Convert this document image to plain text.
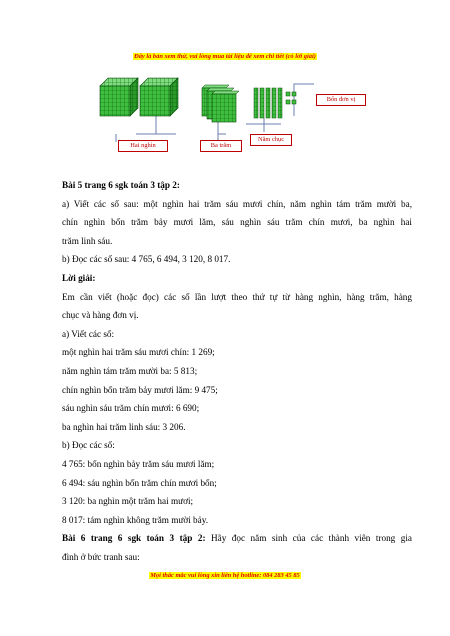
Đây là bản xem thử, vui lòng mua tài liệu để xem chi tiết (có lời giải)
Hai nghìn	Ba trăm
Năm chục
Bốn đơn vị
Bài 5 trang 6 sgk toán 3 tập 2:
a) Viết các số sau: một nghìn hai trăm sáu mươi chín, năm nghìn tám trăm mười ba,
chín nghìn bốn trăm bảy mươi lăm, sáu nghìn sáu trăm chín mươi, ba nghìn hai
trăm linh sáu.
b) Đọc các số sau: 4 765, 6 494, 3 120, 8 017.
Lời giải:
Em cần viết (hoặc đọc) các số lần lượt theo thứ tự từ hàng nghìn, hàng trăm, hàng
chục và hàng đơn vị.
a) Viết các số:
một nghìn hai trăm sáu mươi chín: 1 269;
năm nghìn tám trăm mười ba: 5 813;
chín nghìn bốn trăm bảy mươi lăm: 9 475;
sáu nghìn sáu trăm chín mươi: 6 690;
ba nghìn hai trăm linh sáu: 3 206.
b) Đọc các số:
4 765: bốn nghìn bảy trăm sáu mươi lăm;
6 494: sáu nghìn bốn trăm chín mươi bốn;
3 120: ba nghìn một trăm hai mươi;
8 017: tám nghìn không trăm mười bảy.
Bài 6 trang 6 sgk toán 3 tập 2: Hãy đọc năm sinh của các thành viên trong gia
đình ở bức tranh sau:
Mọi thắc mắc vui lòng xin liên hệ hotline: 084 283 45 85
